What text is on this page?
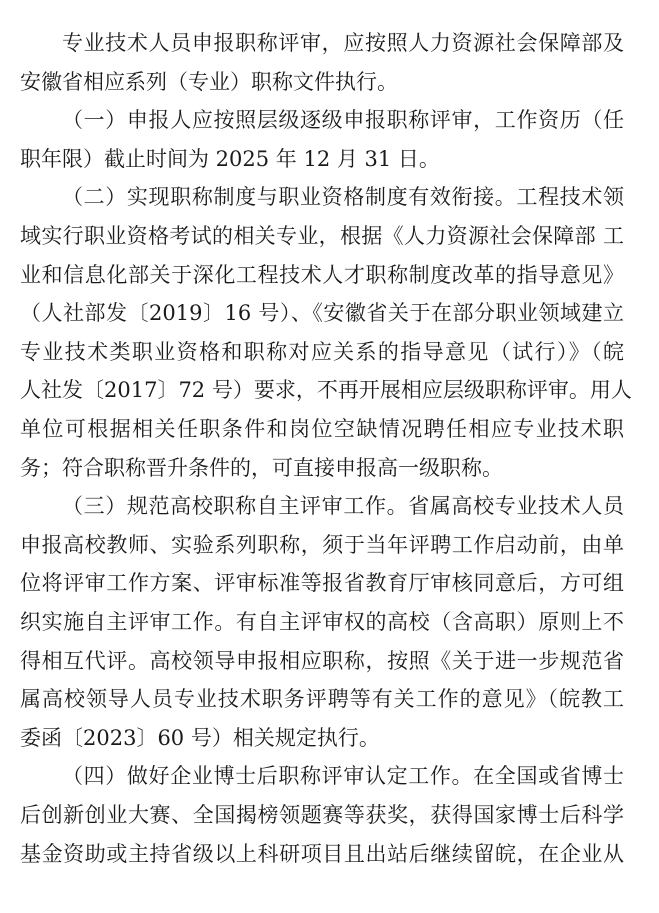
专业技术人员申报职称评审，应按照人力资源社会保障部及
安徽省相应系列（专业）职称文件执行。
（一）申报人应按照层级逐级申报职称评审，工作资历（任
职年限）截止时间为 2025 年 12 月 31 日。
（二）实现职称制度与职业资格制度有效衔接。工程技术领
域实行职业资格考试的相关专业，根据《人力资源社会保障部 工
业和信息化部关于深化工程技术人才职称制度改革的指导意见》
（人社部发〔2019〕16 号）、《安徽省关于在部分职业领域建立
专业技术类职业资格和职称对应关系的指导意见（试行）》（皖
人社发〔2017〕72 号）要求，不再开展相应层级职称评审。用人
单位可根据相关任职条件和岗位空缺情况聘任相应专业技术职
务；符合职称晋升条件的，可直接申报高一级职称。
（三）规范高校职称自主评审工作。省属高校专业技术人员
申报高校教师、实验系列职称，须于当年评聘工作启动前，由单
位将评审工作方案、评审标准等报省教育厅审核同意后，方可组
织实施自主评审工作。有自主评审权的高校（含高职）原则上不
得相互代评。高校领导申报相应职称，按照《关于进一步规范省
属高校领导人员专业技术职务评聘等有关工作的意见》（皖教工
委函〔2023〕60 号）相关规定执行。
（四）做好企业博士后职称评审认定工作。在全国或省博士
后创新创业大赛、全国揭榜领题赛等获奖，获得国家博士后科学
基金资助或主持省级以上科研项目且出站后继续留皖，在企业从
